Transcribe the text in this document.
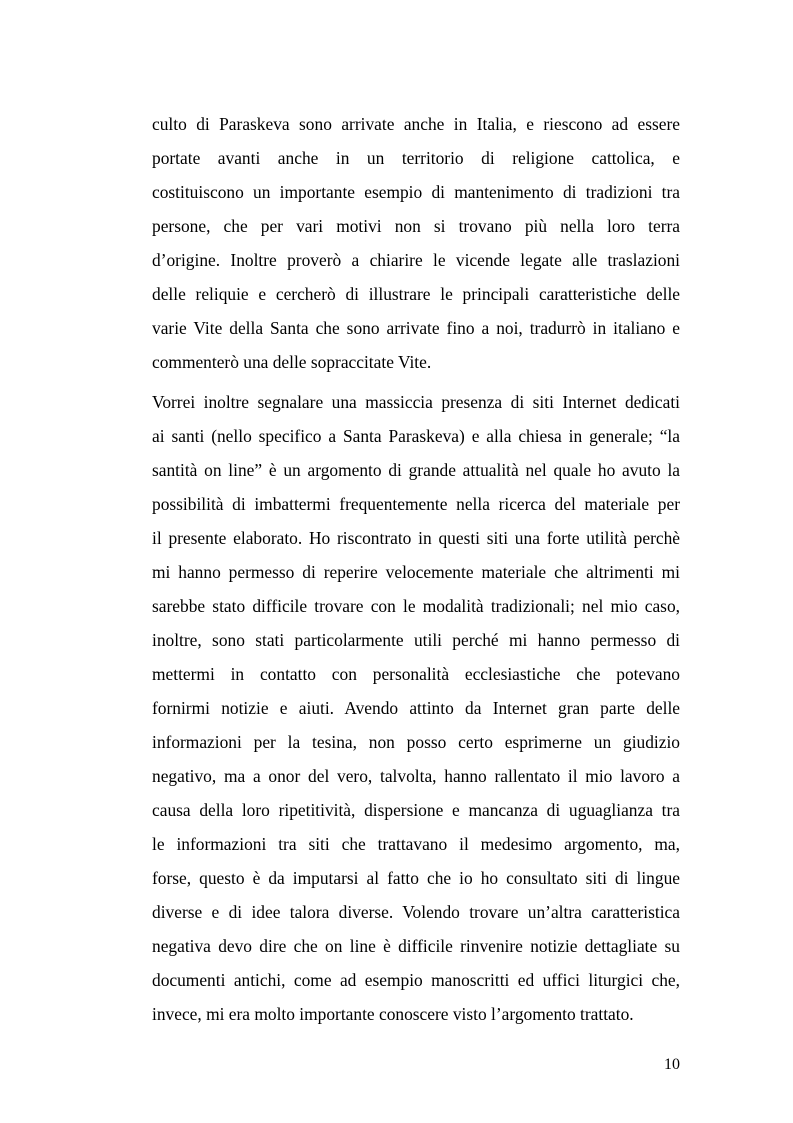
culto di Paraskeva sono arrivate anche in Italia, e riescono ad essere
portate avanti anche in un territorio di religione cattolica, e
costituiscono un importante esempio di mantenimento di tradizioni tra
persone, che per vari motivi non si trovano più nella loro terra
d’origine. Inoltre proverò a chiarire le vicende legate alle traslazioni
delle reliquie e cercherò di illustrare le principali caratteristiche delle
varie Vite della Santa che sono arrivate fino a noi, tradurrò in italiano e
commenterò una delle sopraccitate Vite.
Vorrei inoltre segnalare una massiccia presenza di siti Internet dedicati
ai santi (nello specifico a Santa Paraskeva) e alla chiesa in generale; “la
santità on line” è un argomento di grande attualità nel quale ho avuto la
possibilità di imbattermi frequentemente nella ricerca del materiale per
il presente elaborato. Ho riscontrato in questi siti una forte utilità perchè
mi hanno permesso di reperire velocemente materiale che altrimenti mi
sarebbe stato difficile trovare con le modalità tradizionali; nel mio caso,
inoltre, sono stati particolarmente utili perché mi hanno permesso di
mettermi in contatto con personalità ecclesiastiche che potevano
fornirmi notizie e aiuti. Avendo attinto da Internet gran parte delle
informazioni per la tesina, non posso certo esprimerne un giudizio
negativo, ma a onor del vero, talvolta, hanno rallentato il mio lavoro a
causa della loro ripetitività, dispersione e mancanza di uguaglianza tra
le informazioni tra siti che trattavano il medesimo argomento, ma,
forse, questo è da imputarsi al fatto che io ho consultato siti di lingue
diverse e di idee talora diverse. Volendo trovare un’altra caratteristica
negativa devo dire che on line è difficile rinvenire notizie dettagliate su
documenti antichi, come ad esempio manoscritti ed uffici liturgici che,
invece, mi era molto importante conoscere visto l’argomento trattato.
10
